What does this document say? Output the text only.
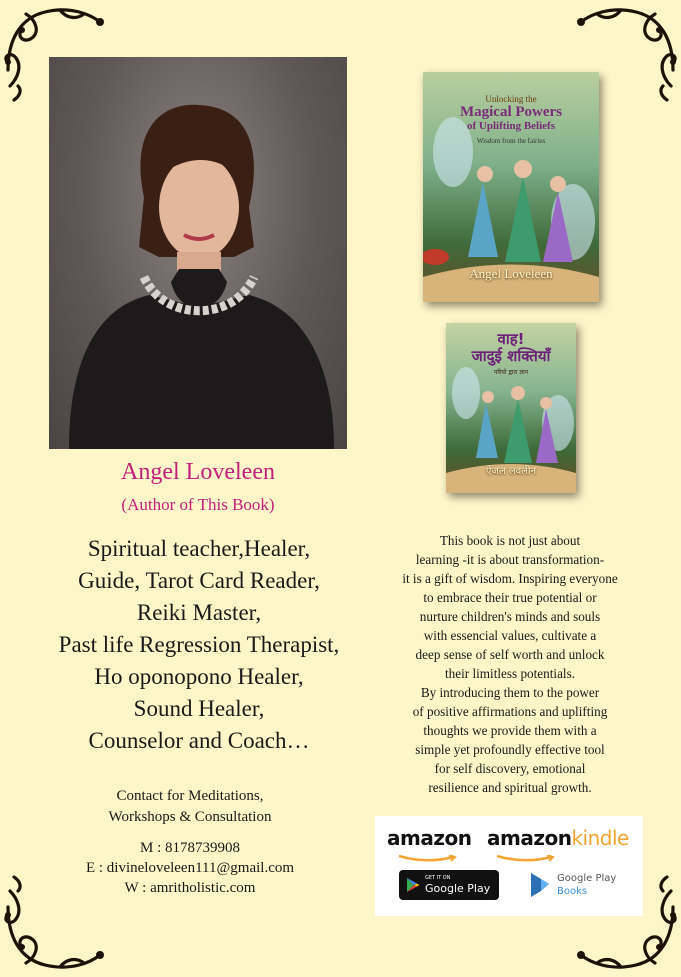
Unlocking the
Magical Powers
of Uplifting Beliefs
Wisdom from the fairies
Angel Loveleen
वाह!
जादुई शक्तियाँ
परियों द्वारा ज्ञान
ऐंजल लवलीन
Angel Loveleen
(Author of This Book)
Spiritual teacher,Healer,
Guide, Tarot Card Reader,
Reiki Master,
Past life Regression Therapist,
Ho oponopono Healer,
Sound Healer,
Counselor and Coach…
This book is not just about
learning -it is about transformation-
it is a gift of wisdom. Inspiring everyone
to embrace their true potential or
nurture children's minds and souls
with essencial values, cultivate a
deep sense of self worth and unlock
their limitless potentials.
By introducing them to the power
of positive affirmations and uplifting
thoughts we provide them with a
simple yet profoundly effective tool
for self discovery, emotional
resilience and spiritual growth.
Contact for Meditations,
Workshops & Consultation
M : 8178739908
E : divineloveleen111@gmail.com
W : amritholistic.com
amazon amazonkindle
GET IT ON
Google Play
Google Play
Books
